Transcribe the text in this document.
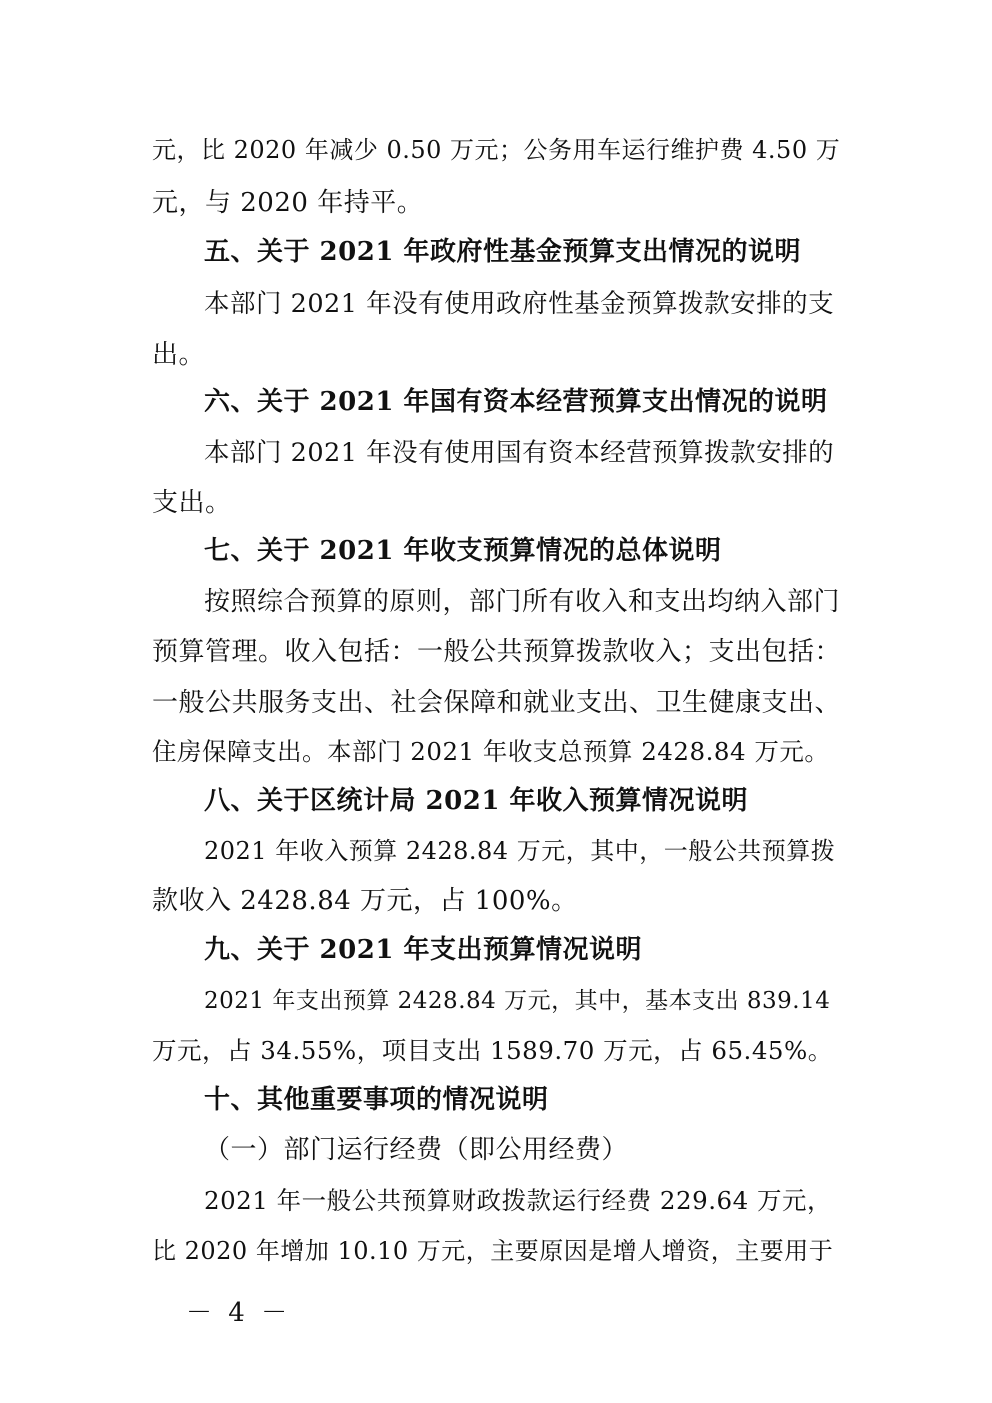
元，比 2020 年减少 0.50 万元；公务用车运行维护费 4.50 万
元，与 2020 年持平。
五、关于 2021 年政府性基金预算支出情况的说明
本部门 2021 年没有使用政府性基金预算拨款安排的支
出。
六、关于 2021 年国有资本经营预算支出情况的说明
本部门 2021 年没有使用国有资本经营预算拨款安排的
支出。
七、关于 2021 年收支预算情况的总体说明
按照综合预算的原则，部门所有收入和支出均纳入部门
预算管理。收入包括：一般公共预算拨款收入；支出包括：
一般公共服务支出、社会保障和就业支出、卫生健康支出、
住房保障支出。本部门 2021 年收支总预算 2428.84 万元。
八、关于区统计局 2021 年收入预算情况说明
2021 年收入预算 2428.84 万元，其中，一般公共预算拨
款收入 2428.84 万元，占 100%。
九、关于 2021 年支出预算情况说明
2021 年支出预算 2428.84 万元，其中，基本支出 839.14
万元，占 34.55%，项目支出 1589.70 万元，占 65.45%。
十、其他重要事项的情况说明
（一）部门运行经费（即公用经费）
2021 年一般公共预算财政拨款运行经费 229.64 万元，
比 2020 年增加 10.10 万元，主要原因是增人增资，主要用于
－ 4 －
